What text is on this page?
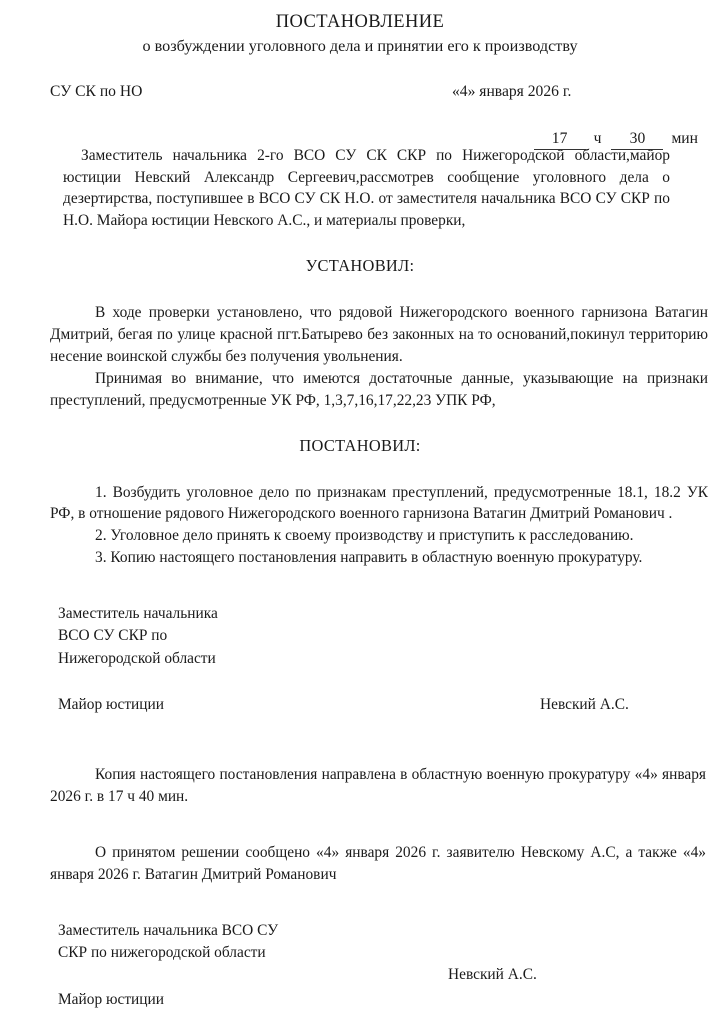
ПОСТАНОВЛЕНИЕ
о возбуждении уголовного дела и принятии его к производству
СУ СК по НО	«4» января 2026 г.
17 ч 30 мин
Заместитель начальника 2-го ВСО СУ СК СКР по Нижегородской области,майор юстиции Невский Александр Сергеевич,рассмотрев сообщение уголовного дела о дезертирства, поступившее в ВСО СУ СК Н.О. от заместителя начальника ВСО СУ СКР по Н.О. Майора юстиции Невского А.С., и материалы проверки,
УСТАНОВИЛ:

В ходе проверки установлено, что рядовой Нижегородского военного гарнизона Ватагин Дмитрий, бегая по улице красной пгт.Батырево без законных на то оснований,покинул территорию несение воинской службы без получения увольнения.

Принимая во внимание, что имеются достаточные данные, указывающие на признаки преступлений, предусмотренные УК РФ, 1,3,7,16,17,22,23 УПК РФ,

ПОСТАНОВИЛ:

1. Возбудить уголовное дело по признакам преступлений, предусмотренные 18.1, 18.2 УК РФ, в отношение рядового Нижегородского военного гарнизона Ватагин Дмитрий Романович .

2. Уголовное дело принять к своему производству и приступить к расследованию.

3. Копию настоящего постановления направить в областную военную прокуратуру.

Заместитель начальника
ВСО СУ СКР по
Нижегородской области
Майор юстиции	Невский А.С.

Копия настоящего постановления направлена в областную военную прокуратуру «4» января 2026 г. в 17 ч 40 мин.

О принятом решении сообщено «4» января 2026 г. заявителю Невскому А.С, а также «4» января 2026 г. Ватагин Дмитрий Романович

Заместитель начальника ВСО СУ
СКР по нижегородской области
Невский А.С.
Майор юстиции
